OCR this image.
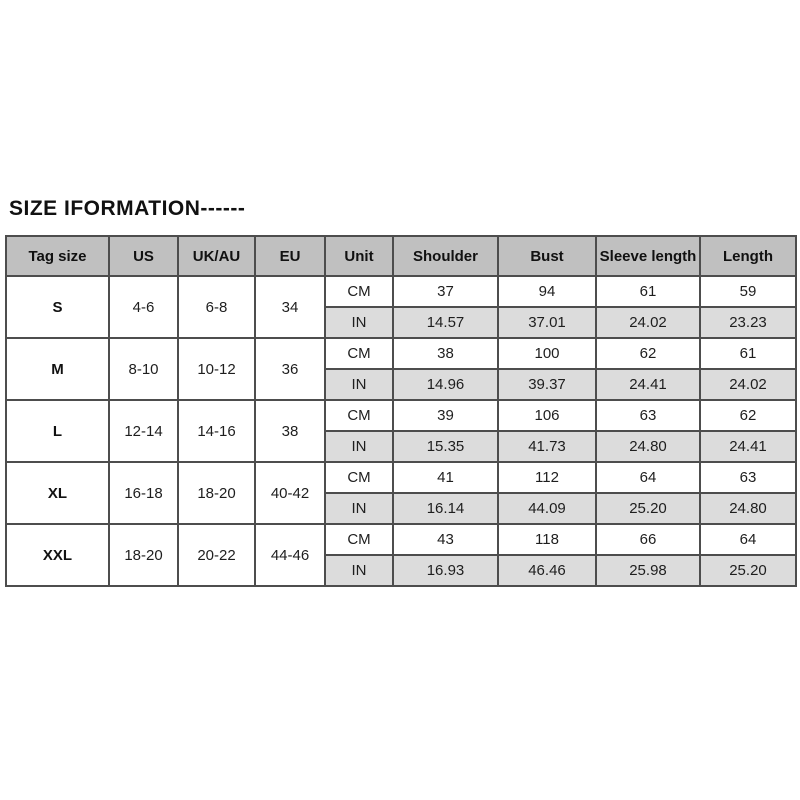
SIZE IFORMATION------
Tag size	US	UK/AU	EU	Unit	Shoulder	Bust	Sleeve length	Length
S	4-6	6-8	34	CM	37	94	61	59
				IN	14.57	37.01	24.02	23.23
M	8-10	10-12	36	CM	38	100	62	61
				IN	14.96	39.37	24.41	24.02
L	12-14	14-16	38	CM	39	106	63	62
				IN	15.35	41.73	24.80	24.41
XL	16-18	18-20	40-42	CM	41	112	64	63
				IN	16.14	44.09	25.20	24.80
XXL	18-20	20-22	44-46	CM	43	118	66	64
				IN	16.93	46.46	25.98	25.20
